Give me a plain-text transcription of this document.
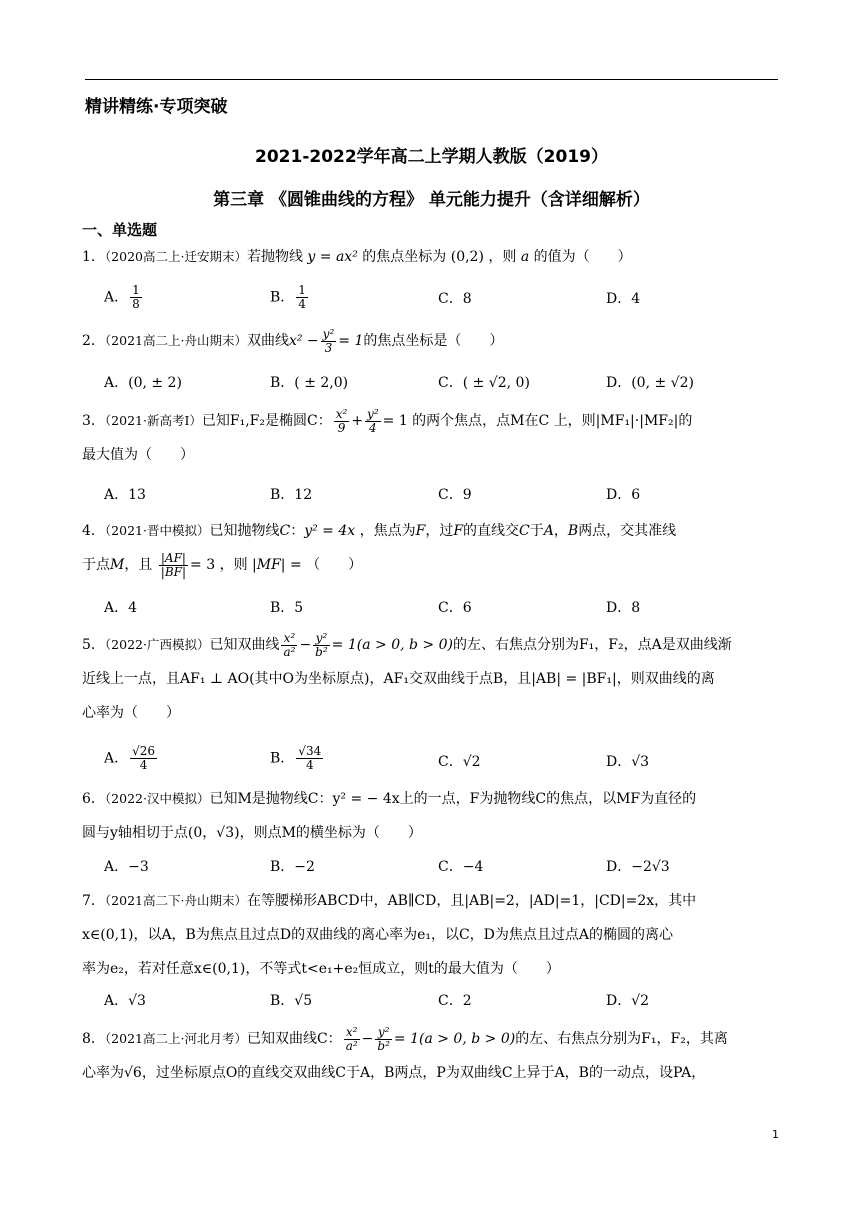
精讲精练·专项突破
2021-2022学年高二上学期人教版（2019）
第三章 《圆锥曲线的方程》 单元能力提升（含详细解析）
一、单选题
1．（2020高二上·迁安期末）若抛物线 y = ax² 的焦点坐标为 (0,2) ，则 a 的值为（　　）
A． $\frac{1}{8}$	B． $\frac{1}{4}$	C．8	D．4
2．（2021高二上·舟山期末）双曲线$x^2 - \frac{\text{y²}}{3} = 1$的焦点坐标是（　　）
A．(0, ± 2)	B．( ± 2,0)	C．( ± √2, 0)	D．(0, ± √2)
3．（2021·新高考Ⅰ）已知F₁,F₂是椭圆C： $\frac{\text{x²}}{9} + \frac{\text{y²}}{4} = 1$ 的两个焦点，点M在C 上，则|MF₁|·|MF₂|的
最大值为（　　）
A．13	B．12	C．9	D．6
4．（2021·晋中模拟）已知抛物线C：y² = 4x ，焦点为F，过F的直线交C于A，B两点，交其准线
于点M，且 $\frac{|AF|}{|BF|} = 3$ ，则 |MF| = （　　）
A．4	B．5	C．6	D．8
5．（2022·广西模拟）已知双曲线 $\frac{\text{x²}}{\text{a²}} - \frac{\text{y²}}{\text{b²}} = 1(a > 0$, b > 0)的左、右焦点分别为F₁，F₂，点A是双曲线渐
近线上一点，且AF₁ ⊥ AO(其中O为坐标原点)，AF₁交双曲线于点B，且|AB| = |BF₁|，则双曲线的离
心率为（　　）
A． $\frac{√26}{4}$	B． $\frac{√34}{4}$	C．√2	D．√3
6．（2022·汉中模拟）已知M是抛物线C：y² = − 4x上的一点，F为抛物线C的焦点，以MF为直径的
圆与y轴相切于点(0，√3)，则点M的横坐标为（　　）
A．−3	B．−2	C．−4	D．−2√3
7．（2021高二下·舟山期末）在等腰梯形ABCD中，AB∥CD，且|AB|=2，|AD|=1，|CD|=2x，其中
x∈(0,1)，以A，B为焦点且过点D的双曲线的离心率为e₁，以C，D为焦点且过点A的椭圆的离心
率为e₂，若对任意x∈(0,1)，不等式t<e₁+e₂恒成立，则t的最大值为（　　）
A．√3	B．√5	C．2	D．√2
8．（2021高二上·河北月考）已知双曲线C： $\frac{\text{x²}}{\text{a²}} - \frac{\text{y²}}{\text{b²}} = 1(a > 0$, b > 0)的左、右焦点分别为F₁，F₂，其离
心率为√6，过坐标原点O的直线交双曲线C于A，B两点，P为双曲线C上异于A，B的一动点，设PA，
1
